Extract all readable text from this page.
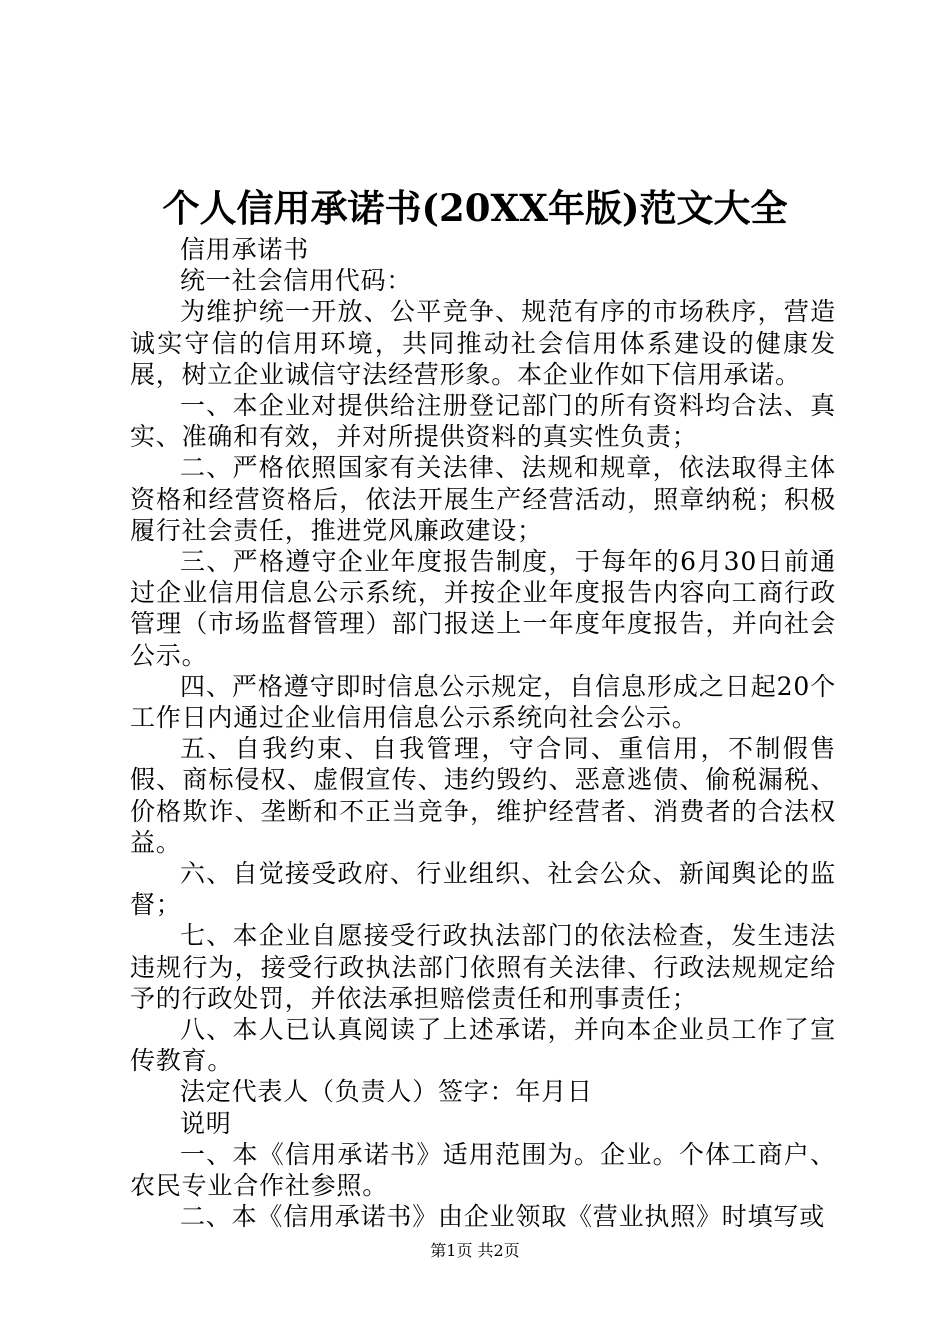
个人信用承诺书(20XX年版)范文大全

信用承诺书

统一社会信用代码：

为维护统一开放、公平竞争、规范有序的市场秩序，营造诚实守信的信用环境，共同推动社会信用体系建设的健康发展，树立企业诚信守法经营形象。本企业作如下信用承诺。

一、本企业对提供给注册登记部门的所有资料均合法、真实、准确和有效，并对所提供资料的真实性负责；

二、严格依照国家有关法律、法规和规章，依法取得主体资格和经营资格后，依法开展生产经营活动，照章纳税；积极履行社会责任，推进党风廉政建设；

三、严格遵守企业年度报告制度，于每年的6月30日前通过企业信用信息公示系统，并按企业年度报告内容向工商行政管理（市场监督管理）部门报送上一年度年度报告，并向社会公示。

四、严格遵守即时信息公示规定，自信息形成之日起20个工作日内通过企业信用信息公示系统向社会公示。

五、自我约束、自我管理，守合同、重信用，不制假售假、商标侵权、虚假宣传、违约毁约、恶意逃债、偷税漏税、价格欺诈、垄断和不正当竞争，维护经营者、消费者的合法权益。

六、自觉接受政府、行业组织、社会公众、新闻舆论的监督；

七、本企业自愿接受行政执法部门的依法检查，发生违法违规行为，接受行政执法部门依照有关法律、行政法规规定给予的行政处罚，并依法承担赔偿责任和刑事责任；

八、本人已认真阅读了上述承诺，并向本企业员工作了宣传教育。

法定代表人（负责人）签字：年月日

说明

一、本《信用承诺书》适用范围为。企业。个体工商户、农民专业合作社参照。

二、本《信用承诺书》由企业领取《营业执照》时填写或

第1页 共2页
